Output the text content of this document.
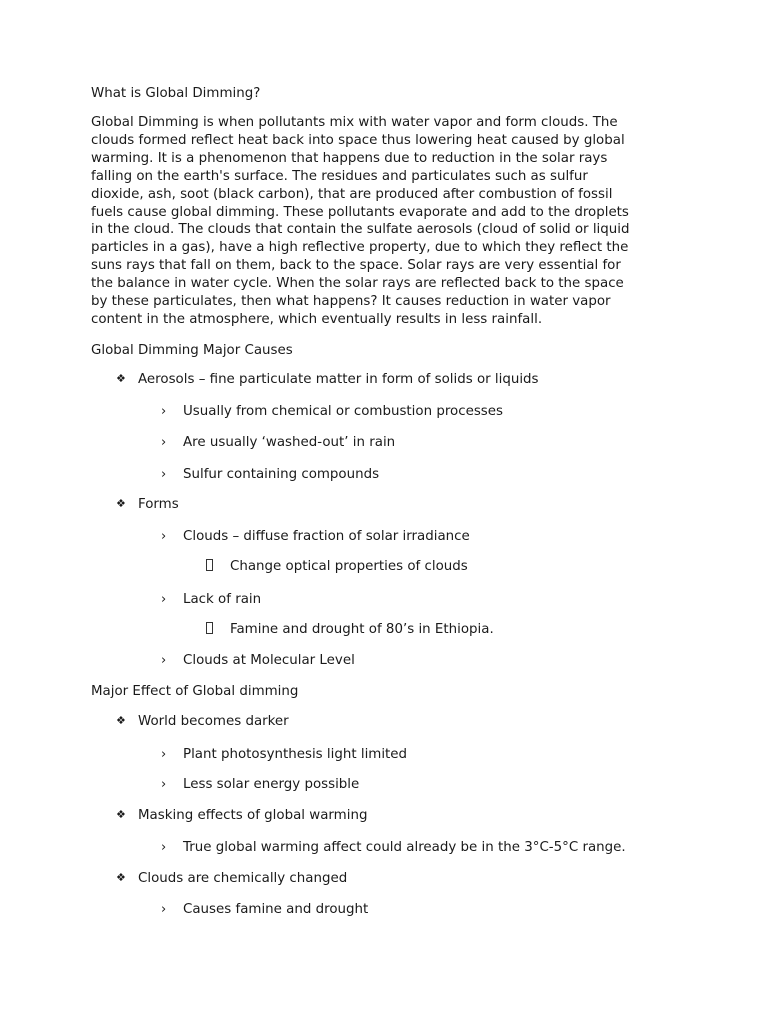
What is Global Dimming?
Global Dimming is when pollutants mix with water vapor and form clouds. The
clouds formed reflect heat back into space thus lowering heat caused by global
warming. It is a phenomenon that happens due to reduction in the solar rays
falling on the earth's surface. The residues and particulates such as sulfur
dioxide, ash, soot (black carbon), that are produced after combustion of fossil
fuels cause global dimming. These pollutants evaporate and add to the droplets
in the cloud. The clouds that contain the sulfate aerosols (cloud of solid or liquid
particles in a gas), have a high reflective property, due to which they reflect the
suns rays that fall on them, back to the space. Solar rays are very essential for
the balance in water cycle. When the solar rays are reflected back to the space
by these particulates, then what happens? It causes reduction in water vapor
content in the atmosphere, which eventually results in less rainfall.
Global Dimming Major Causes
❖ Aerosols – fine particulate matter in form of solids or liquids
› Usually from chemical or combustion processes
› Are usually ‘washed-out’ in rain
› Sulfur containing compounds
❖ Forms
› Clouds – diffuse fraction of solar irradiance
Change optical properties of clouds
› Lack of rain
Famine and drought of 80’s in Ethiopia.
› Clouds at Molecular Level
Major Effect of Global dimming
❖ World becomes darker
› Plant photosynthesis light limited
› Less solar energy possible
❖ Masking effects of global warming
› True global warming affect could already be in the 3°C-5°C range.
❖ Clouds are chemically changed
› Causes famine and drought
